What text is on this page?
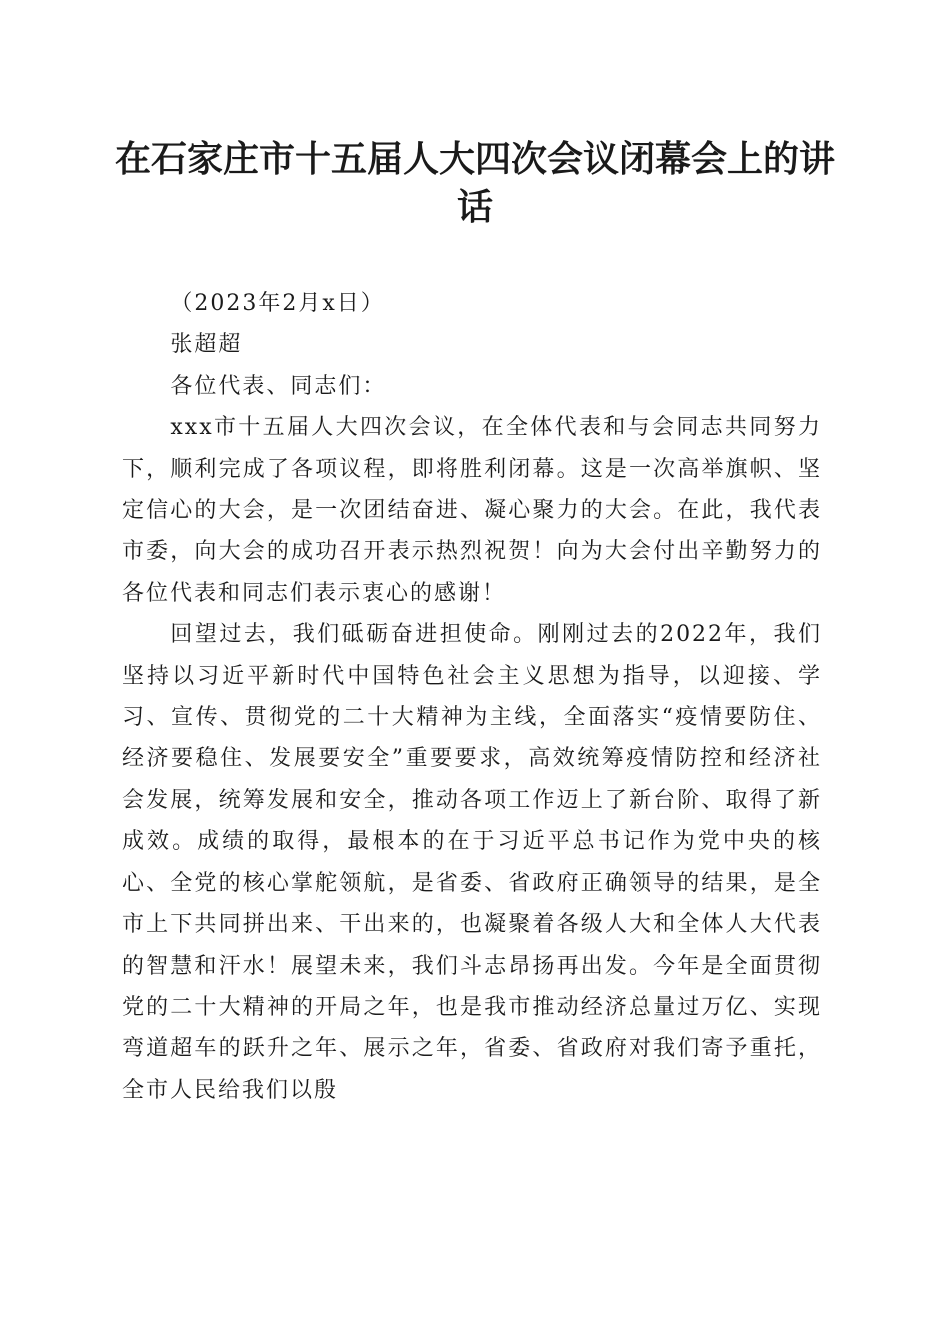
在石家庄市十五届人大四次会议闭幕会上的讲话

（2023年2月x日）

张超超

各位代表、同志们：

xxx市十五届人大四次会议，在全体代表和与会同志共同努力下，顺利完成了各项议程，即将胜利闭幕。这是一次高举旗帜、坚定信心的大会，是一次团结奋进、凝心聚力的大会。在此，我代表市委，向大会的成功召开表示热烈祝贺！向为大会付出辛勤努力的各位代表和同志们表示衷心的感谢！

回望过去，我们砥砺奋进担使命。刚刚过去的2022年，我们坚持以习近平新时代中国特色社会主义思想为指导，以迎接、学习、宣传、贯彻党的二十大精神为主线，全面落实“疫情要防住、经济要稳住、发展要安全”重要要求，高效统筹疫情防控和经济社会发展，统筹发展和安全，推动各项工作迈上了新台阶、取得了新成效。成绩的取得，最根本的在于习近平总书记作为党中央的核心、全党的核心掌舵领航，是省委、省政府正确领导的结果，是全市上下共同拼出来、干出来的，也凝聚着各级人大和全体人大代表的智慧和汗水！展望未来，我们斗志昂扬再出发。今年是全面贯彻党的二十大精神的开局之年，也是我市推动经济总量过万亿、实现弯道超车的跃升之年、展示之年，省委、省政府对我们寄予重托，全市人民给我们以殷
